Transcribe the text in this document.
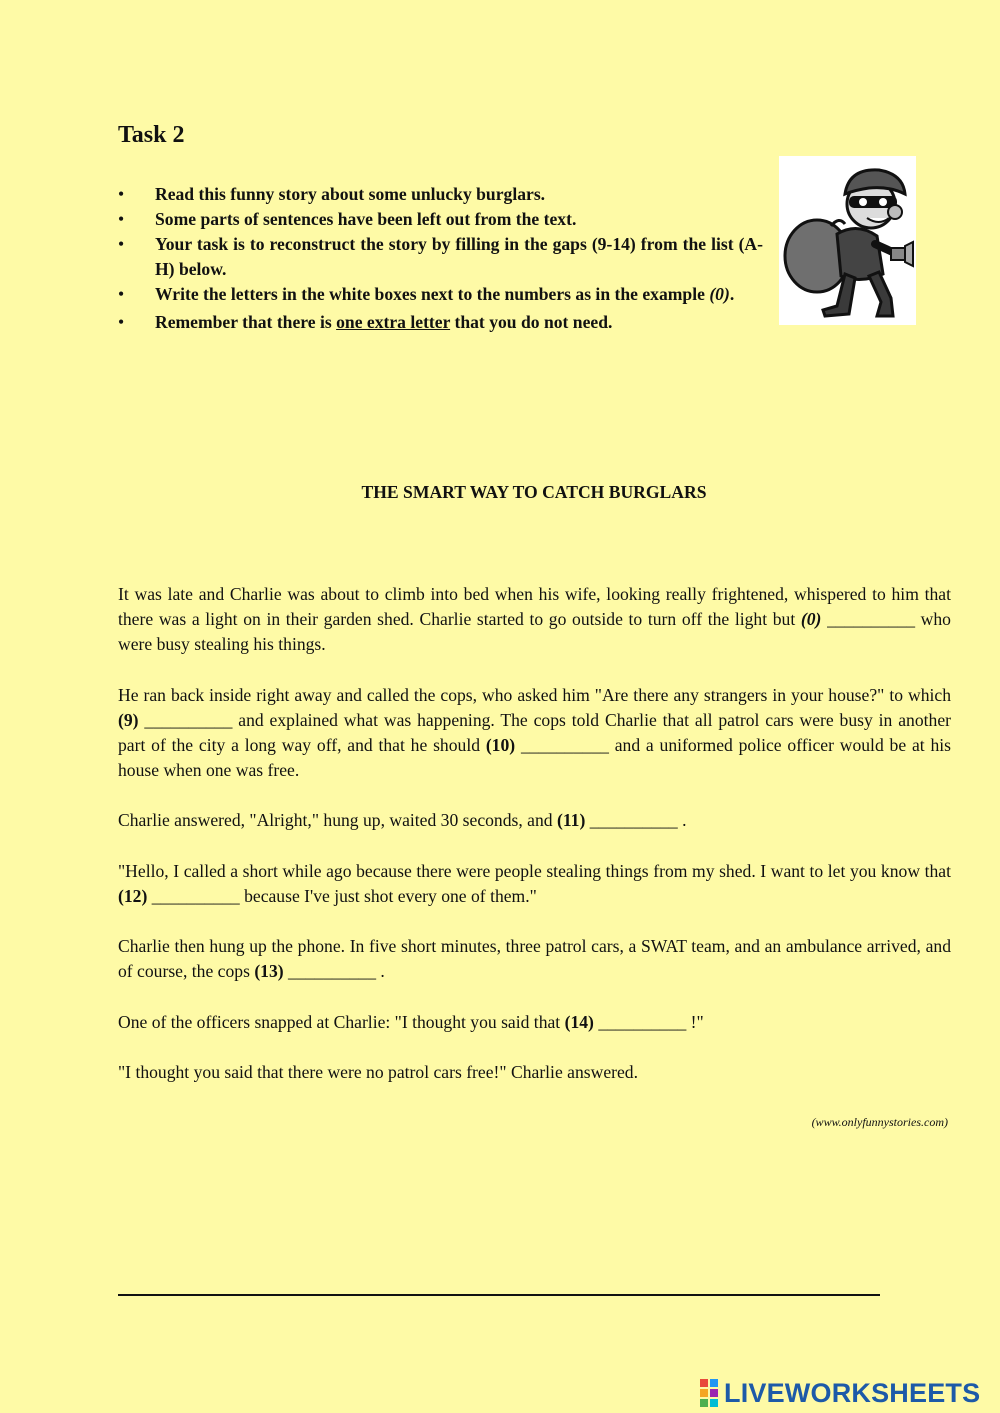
Task 2
• Read this funny story about some unlucky burglars.
• Some parts of sentences have been left out from the text.
• Your task is to reconstruct the story by filling in the gaps (9-14) from the list (A-H) below.
• Write the letters in the white boxes next to the numbers as in the example (0).
• Remember that there is one extra letter that you do not need.
THE SMART WAY TO CATCH BURGLARS

It was late and Charlie was about to climb into bed when his wife, looking really frightened, whispered to him that there was a light on in their garden shed. Charlie started to go outside to turn off the light but (0) __________ who were busy stealing his things.

He ran back inside right away and called the cops, who asked him "Are there any strangers in your house?" to which (9) __________ and explained what was happening. The cops told Charlie that all patrol cars were busy in another part of the city a long way off, and that he should (10) __________ and a uniformed police officer would be at his house when one was free.

Charlie answered, "Alright," hung up, waited 30 seconds, and (11) __________ .

"Hello, I called a short while ago because there were people stealing things from my shed. I want to let you know that (12) __________ because I've just shot every one of them."

Charlie then hung up the phone. In five short minutes, three patrol cars, a SWAT team, and an ambulance arrived, and of course, the cops (13) __________ .

One of the officers snapped at Charlie: "I thought you said that (14) __________ !"

"I thought you said that there were no patrol cars free!" Charlie answered.

(www.onlyfunnystories.com)
LIVEWORKSHEETS
